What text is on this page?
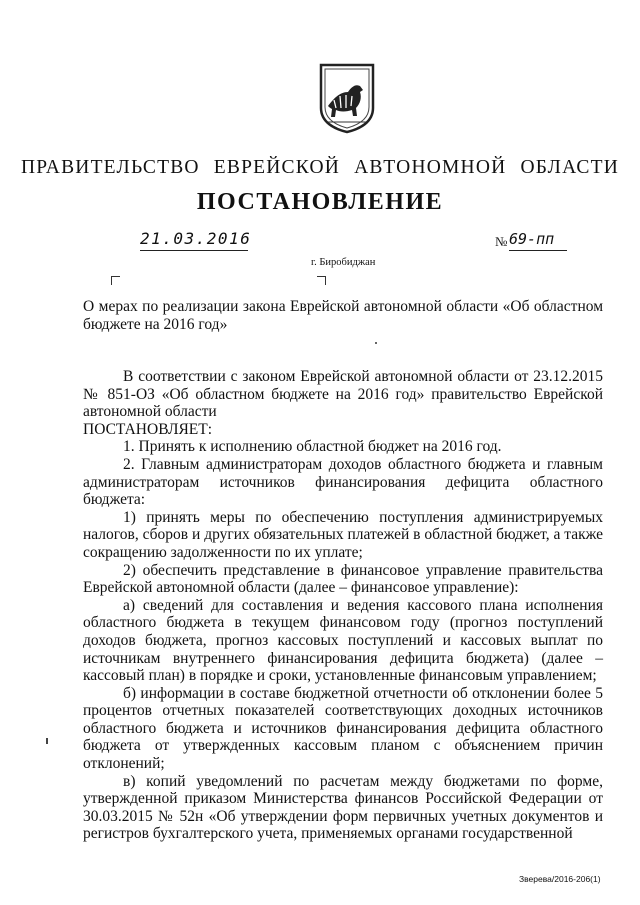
ПРАВИТЕЛЬСТВО ЕВРЕЙСКОЙ АВТОНОМНОЙ ОБЛАСТИ
ПОСТАНОВЛЕНИЕ
21.03.2016	№ 69-пп
г. Биробиджан
О мерах по реализации закона Еврейской автономной области «Об областном бюджете на 2016 год»

В соответствии с законом Еврейской автономной области от 23.12.2015 № 851-ОЗ «Об областном бюджете на 2016 год» правительство Еврейской автономной области

ПОСТАНОВЛЯЕТ:

1. Принять к исполнению областной бюджет на 2016 год.

2. Главным администраторам доходов областного бюджета и главным администраторам источников финансирования дефицита областного бюджета:

1) принять меры по обеспечению поступления администрируемых налогов, сборов и других обязательных платежей в областной бюджет, а также сокращению задолженности по их уплате;

2) обеспечить представление в финансовое управление правительства Еврейской автономной области (далее – финансовое управление):

а) сведений для составления и ведения кассового плана исполнения областного бюджета в текущем финансовом году (прогноз поступлений доходов бюджета, прогноз кассовых поступлений и кассовых выплат по источникам внутреннего финансирования дефицита бюджета) (далее – кассовый план) в порядке и сроки, установленные финансовым управлением;

б) информации в составе бюджетной отчетности об отклонении более 5 процентов отчетных показателей соответствующих доходных источников областного бюджета и источников финансирования дефицита областного бюджета от утвержденных кассовым планом с объяснением причин отклонений;

в) копий уведомлений по расчетам между бюджетами по форме, утвержденной приказом Министерства финансов Российской Федерации от 30.03.2015 № 52н «Об утверждении форм первичных учетных документов и регистров бухгалтерского учета, применяемых органами государственной

Зверева/2016-206(1)
